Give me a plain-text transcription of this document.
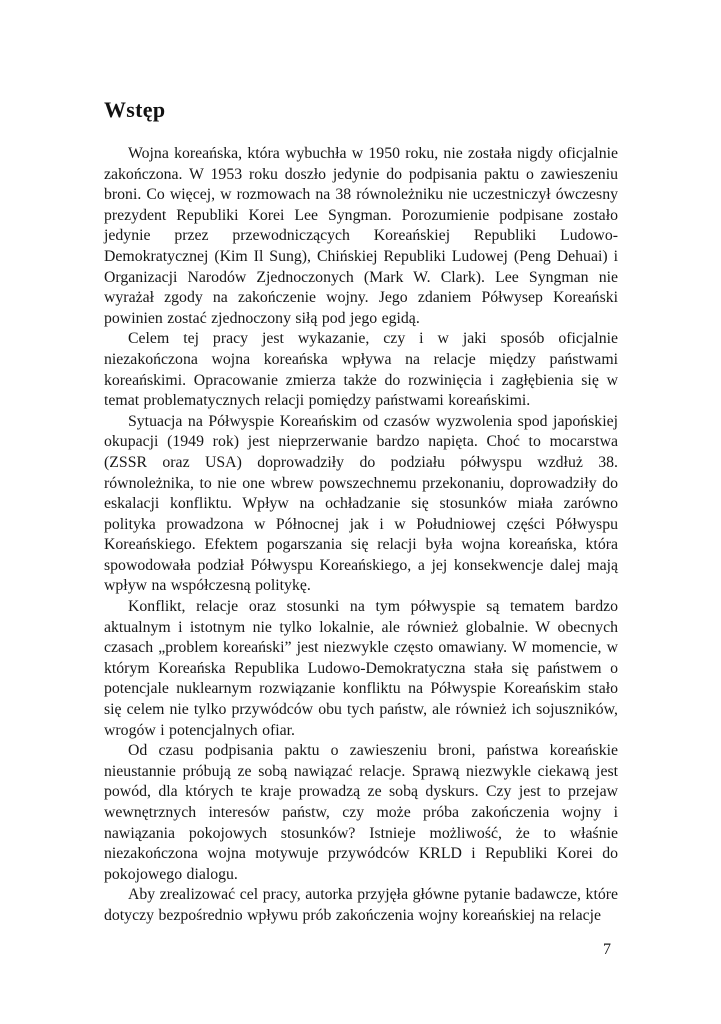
Wstęp

Wojna koreańska, która wybuchła w 1950 roku, nie została nigdy oficjalnie zakończona. W 1953 roku doszło jedynie do podpisania paktu o zawieszeniu broni. Co więcej, w rozmowach na 38 równoleżniku nie uczestniczył ówczesny prezydent Republiki Korei Lee Syngman. Porozumienie podpisane zostało jedynie przez przewodniczących Koreańskiej Republiki Ludowo-Demokratycznej (Kim Il Sung), Chińskiej Republiki Ludowej (Peng Dehuai) i Organizacji Narodów Zjednoczonych (Mark W. Clark). Lee Syngman nie wyrażał zgody na zakończenie wojny. Jego zdaniem Półwysep Koreański powinien zostać zjednoczony siłą pod jego egidą.

Celem tej pracy jest wykazanie, czy i w jaki sposób oficjalnie niezakończona wojna koreańska wpływa na relacje między państwami koreańskimi. Opracowanie zmierza także do rozwinięcia i zagłębienia się w temat problematycznych relacji pomiędzy państwami koreańskimi.

Sytuacja na Półwyspie Koreańskim od czasów wyzwolenia spod japońskiej okupacji (1949 rok) jest nieprzerwanie bardzo napięta. Choć to mocarstwa (ZSSR oraz USA) doprowadziły do podziału półwyspu wzdłuż 38. równoleżnika, to nie one wbrew powszechnemu przekonaniu, doprowadziły do eskalacji konfliktu. Wpływ na ochładzanie się stosunków miała zarówno polityka prowadzona w Północnej jak i w Południowej części Półwyspu Koreańskiego. Efektem pogarszania się relacji była wojna koreańska, która spowodowała podział Półwyspu Koreańskiego, a jej konsekwencje dalej mają wpływ na współczesną politykę.

Konflikt, relacje oraz stosunki na tym półwyspie są tematem bardzo aktualnym i istotnym nie tylko lokalnie, ale również globalnie. W obecnych czasach „problem koreański” jest niezwykle często omawiany. W momencie, w którym Koreańska Republika Ludowo-Demokratyczna stała się państwem o potencjale nuklearnym rozwiązanie konfliktu na Półwyspie Koreańskim stało się celem nie tylko przywódców obu tych państw, ale również ich sojuszników, wrogów i potencjalnych ofiar.

Od czasu podpisania paktu o zawieszeniu broni, państwa koreańskie nieustannie próbują ze sobą nawiązać relacje. Sprawą niezwykle ciekawą jest powód, dla których te kraje prowadzą ze sobą dyskurs. Czy jest to przejaw wewnętrznych interesów państw, czy może próba zakończenia wojny i nawiązania pokojowych stosunków? Istnieje możliwość, że to właśnie niezakończona wojna motywuje przywódców KRLD i Republiki Korei do pokojowego dialogu.

Aby zrealizować cel pracy, autorka przyjęła główne pytanie badawcze, które dotyczy bezpośrednio wpływu prób zakończenia wojny koreańskiej na relacje

7
